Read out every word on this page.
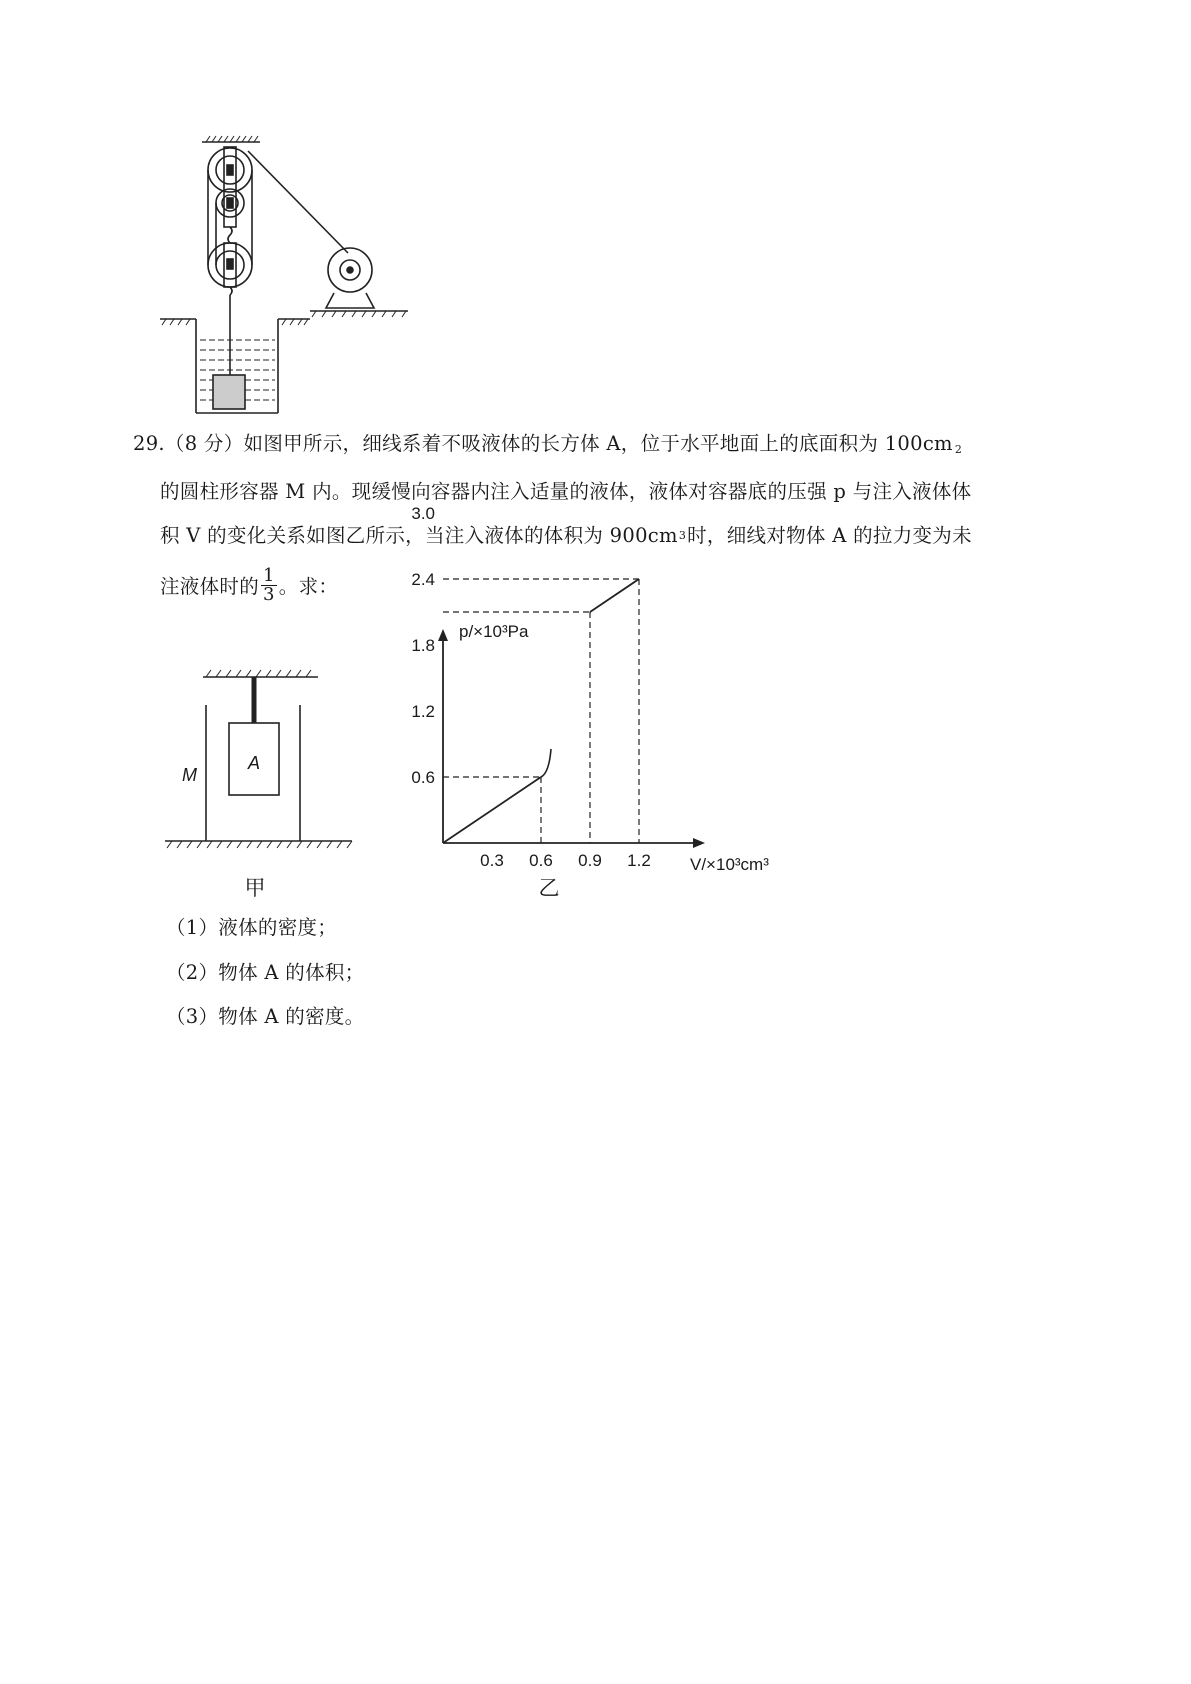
29.（8 分）如图甲所示，细线系着不吸液体的长方体 A，位于水平地面上的底面积为 100cm 2
的圆柱形容器 M 内。现缓慢向容器内注入适量的液体，液体对容器底的压强 p 与注入液体体
积 V 的变化关系如图乙所示，当注入液体的体积为 900cm3时，细线对物体 A 的拉力变为未
注液体时的 $\frac{1}{3}$ 。求：
M
A
甲
3.0
2.4
1.8
1.2
0.6
0.3 0.6 0.9 1.2
p/×10³Pa
V/×10³cm³
乙
（1）液体的密度；
（2）物体 A 的体积；
（3）物体 A 的密度。
